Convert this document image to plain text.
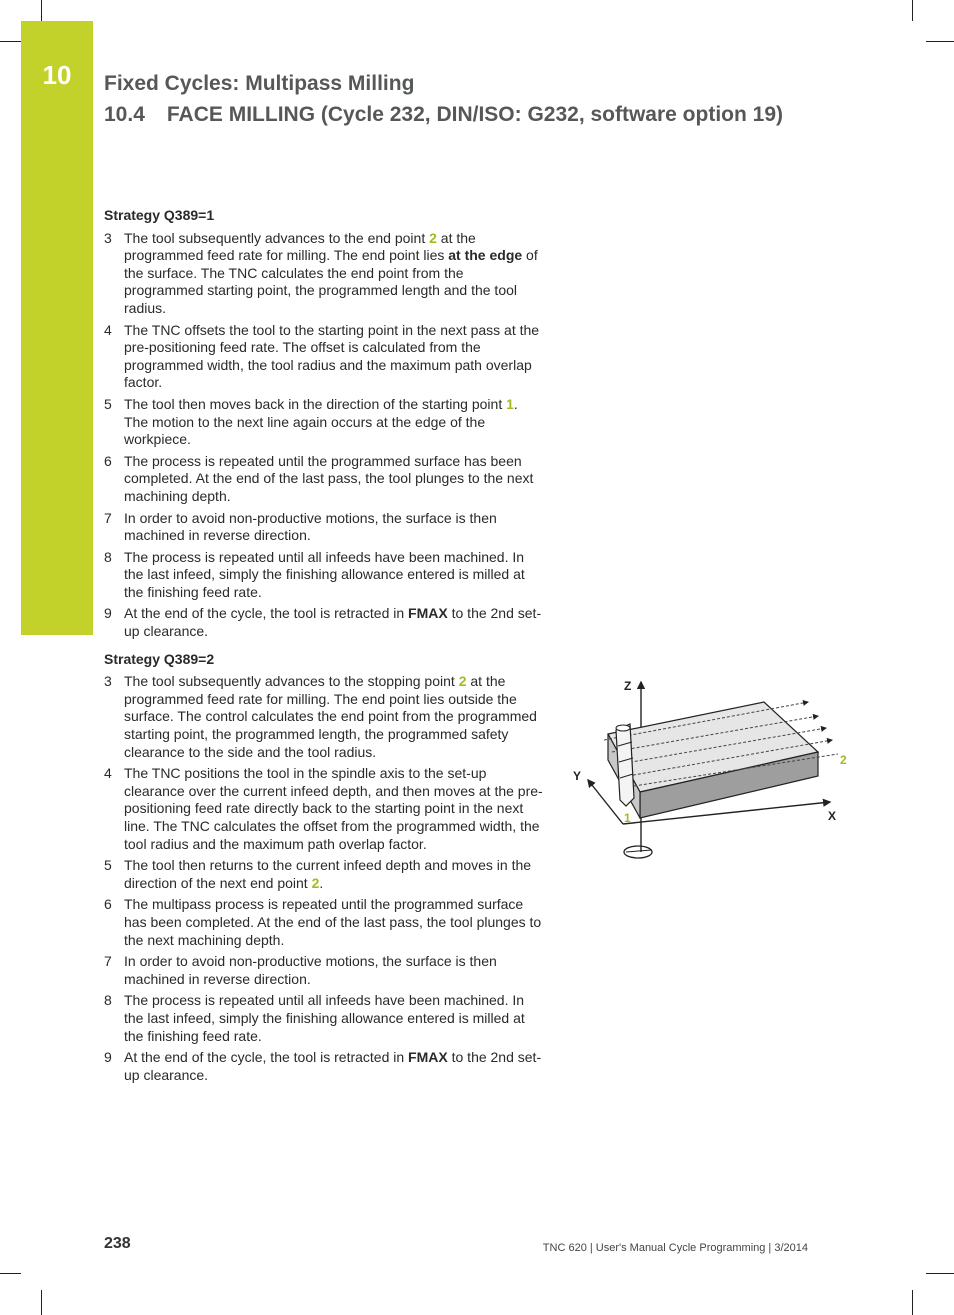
10	Fixed Cycles: Multipass Milling
10.4 FACE MILLING (Cycle 232, DIN/ISO: G232, software option 19)
Strategy Q389=1
3 The tool subsequently advances to the end point 2 at the programmed feed rate for milling. The end point lies at the edge of the surface. The TNC calculates the end point from the programmed starting point, the programmed length and the tool radius.
4 The TNC offsets the tool to the starting point in the next pass at the pre-positioning feed rate. The offset is calculated from the programmed width, the tool radius and the maximum path overlap factor.
5 The tool then moves back in the direction of the starting point 1. The motion to the next line again occurs at the edge of the workpiece.
6 The process is repeated until the programmed surface has been completed. At the end of the last pass, the tool plunges to the next machining depth.
7 In order to avoid non-productive motions, the surface is then machined in reverse direction.
8 The process is repeated until all infeeds have been machined. In the last infeed, simply the finishing allowance entered is milled at the finishing feed rate.
9 At the end of the cycle, the tool is retracted in FMAX to the 2nd set-up clearance.
Strategy Q389=2
3 The tool subsequently advances to the stopping point 2 at the programmed feed rate for milling. The end point lies outside the surface. The control calculates the end point from the programmed starting point, the programmed length, the programmed safety clearance to the side and the tool radius.
4 The TNC positions the tool in the spindle axis to the set-up clearance over the current infeed depth, and then moves at the pre-positioning feed rate directly back to the starting point in the next line. The TNC calculates the offset from the programmed width, the tool radius and the maximum path overlap factor.
5 The tool then returns to the current infeed depth and moves in the direction of the next end point 2.
6 The multipass process is repeated until the programmed surface has been completed. At the end of the last pass, the tool plunges to the next machining depth.
7 In order to avoid non-productive motions, the surface is then machined in reverse direction.
8 The process is repeated until all infeeds have been machined. In the last infeed, simply the finishing allowance entered is milled at the finishing feed rate.
9 At the end of the cycle, the tool is retracted in FMAX to the 2nd set-up clearance.
Z
Y
X
1
2
238	TNC 620 | User's Manual Cycle Programming | 3/2014
